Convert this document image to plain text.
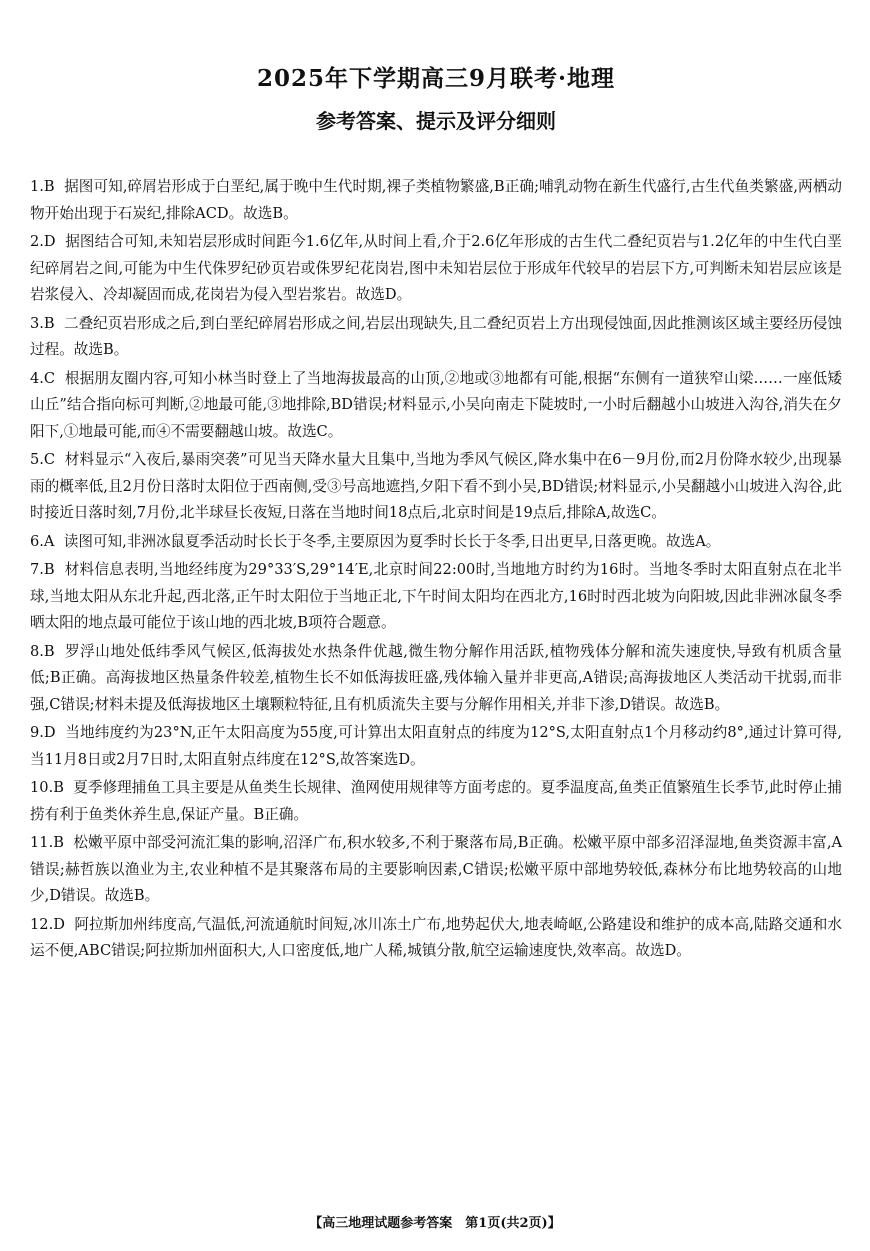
2025年下学期高三9月联考·地理
参考答案、提示及评分细则

1.B 据图可知,碎屑岩形成于白垩纪,属于晚中生代时期,裸子类植物繁盛,B正确;哺乳动物在新生代盛行,古生代鱼类繁盛,两栖动物开始出现于石炭纪,排除ACD。故选B。

2.D 据图结合可知,未知岩层形成时间距今1.6亿年,从时间上看,介于2.6亿年形成的古生代二叠纪页岩与1.2亿年的中生代白垩纪碎屑岩之间,可能为中生代侏罗纪砂页岩或侏罗纪花岗岩,图中未知岩层位于形成年代较早的岩层下方,可判断未知岩层应该是岩浆侵入、冷却凝固而成,花岗岩为侵入型岩浆岩。故选D。

3.B 二叠纪页岩形成之后,到白垩纪碎屑岩形成之间,岩层出现缺失,且二叠纪页岩上方出现侵蚀面,因此推测该区域主要经历侵蚀过程。故选B。

4.C 根据朋友圈内容,可知小林当时登上了当地海拔最高的山顶,②地或③地都有可能,根据“东侧有一道狭窄山梁……一座低矮山丘”结合指向标可判断,②地最可能,③地排除,BD错误;材料显示,小吴向南走下陡坡时,一小时后翻越小山坡进入沟谷,消失在夕阳下,①地最可能,而④不需要翻越山坡。故选C。

5.C 材料显示“入夜后,暴雨突袭”可见当天降水量大且集中,当地为季风气候区,降水集中在6－9月份,而2月份降水较少,出现暴雨的概率低,且2月份日落时太阳位于西南侧,受③号高地遮挡,夕阳下看不到小吴,BD错误;材料显示,小吴翻越小山坡进入沟谷,此时接近日落时刻,7月份,北半球昼长夜短,日落在当地时间18点后,北京时间是19点后,排除A,故选C。

6.A 读图可知,非洲冰鼠夏季活动时长长于冬季,主要原因为夏季时长长于冬季,日出更早,日落更晚。故选A。

7.B 材料信息表明,当地经纬度为29°33′S,29°14′E,北京时间22:00时,当地地方时约为16时。当地冬季时太阳直射点在北半球,当地太阳从东北升起,西北落,正午时太阳位于当地正北,下午时间太阳均在西北方,16时时西北坡为向阳坡,因此非洲冰鼠冬季晒太阳的地点最可能位于该山地的西北坡,B项符合题意。

8.B 罗浮山地处低纬季风气候区,低海拔处水热条件优越,微生物分解作用活跃,植物残体分解和流失速度快,导致有机质含量低;B正确。高海拔地区热量条件较差,植物生长不如低海拔旺盛,残体输入量并非更高,A错误;高海拔地区人类活动干扰弱,而非强,C错误;材料未提及低海拔地区土壤颗粒特征,且有机质流失主要与分解作用相关,并非下渗,D错误。故选B。

9.D 当地纬度约为23°N,正午太阳高度为55度,可计算出太阳直射点的纬度为12°S,太阳直射点1个月移动约8°,通过计算可得,当11月8日或2月7日时,太阳直射点纬度在12°S,故答案选D。

10.B 夏季修理捕鱼工具主要是从鱼类生长规律、渔网使用规律等方面考虑的。夏季温度高,鱼类正值繁殖生长季节,此时停止捕捞有利于鱼类休养生息,保证产量。B正确。

11.B 松嫩平原中部受河流汇集的影响,沼泽广布,积水较多,不利于聚落布局,B正确。松嫩平原中部多沼泽湿地,鱼类资源丰富,A错误;赫哲族以渔业为主,农业种植不是其聚落布局的主要影响因素,C错误;松嫩平原中部地势较低,森林分布比地势较高的山地少,D错误。故选B。

12.D 阿拉斯加州纬度高,气温低,河流通航时间短,冰川冻土广布,地势起伏大,地表崎岖,公路建设和维护的成本高,陆路交通和水运不便,ABC错误;阿拉斯加州面积大,人口密度低,地广人稀,城镇分散,航空运输速度快,效率高。故选D。

【高三地理试题参考答案　第1页(共2页)】
